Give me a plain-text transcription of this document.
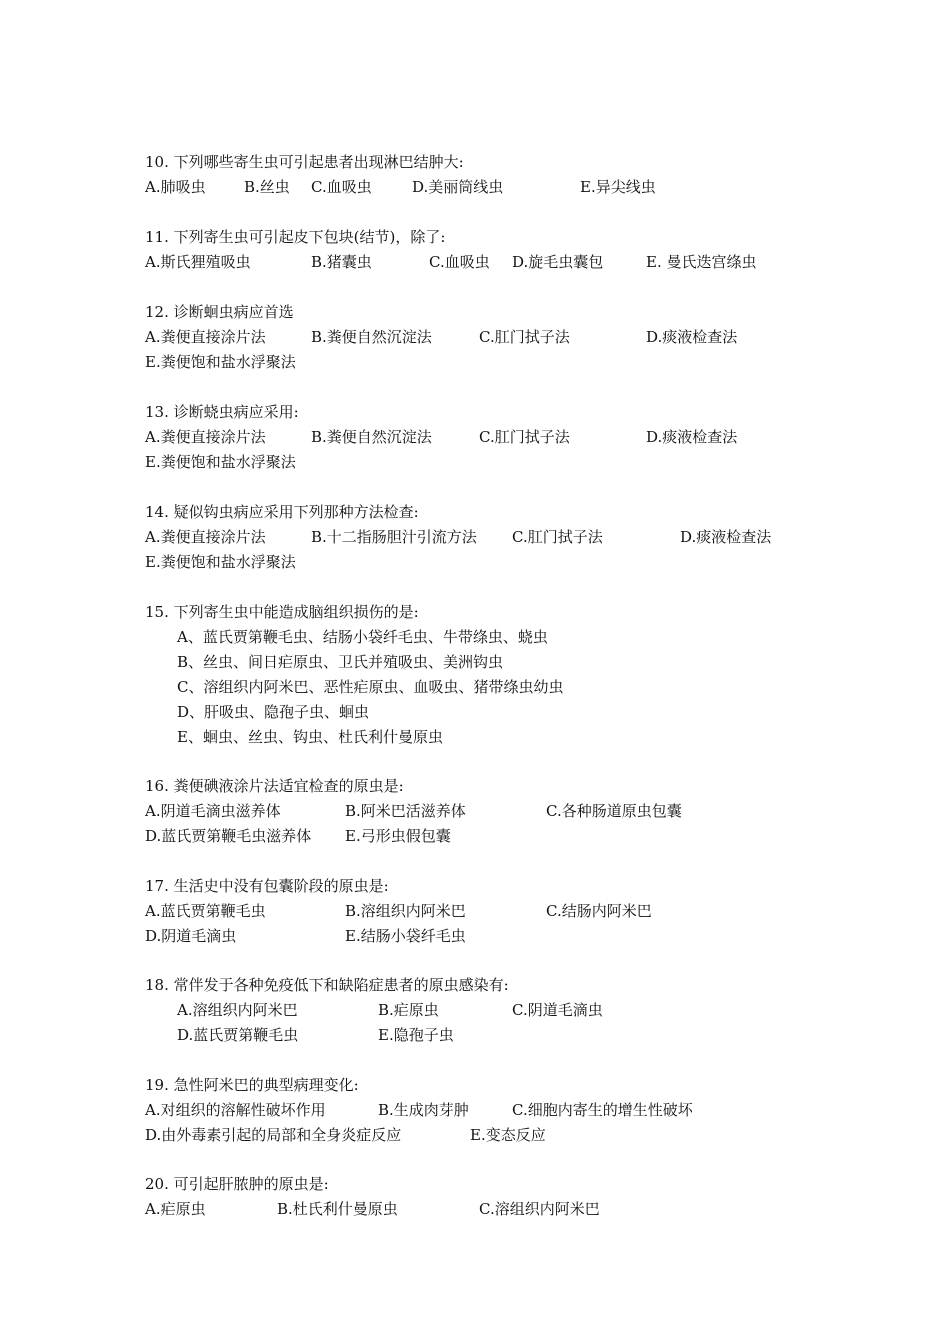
10. 下列哪些寄生虫可引起患者出现淋巴结肿大:
A.肺吸虫	B.丝虫 C.血吸虫	D.美丽筒线虫	E.异尖线虫
11. 下列寄生虫可引起皮下包块(结节)，除了:
A.斯氏狸殖吸虫	B.猪囊虫	C.血吸虫 D.旋毛虫囊包	E. 曼氏迭宫绦虫
12. 诊断蛔虫病应首选
A.粪便直接涂片法	B.粪便自然沉淀法	C.肛门拭子法	D.痰液检查法
E.粪便饱和盐水浮聚法
13. 诊断蛲虫病应采用:
A.粪便直接涂片法	B.粪便自然沉淀法	C.肛门拭子法	D.痰液检查法
E.粪便饱和盐水浮聚法
14. 疑似钩虫病应采用下列那种方法检查:
A.粪便直接涂片法	B.十二指肠胆汁引流方法 C.肛门拭子法	D.痰液检查法
E.粪便饱和盐水浮聚法
15. 下列寄生虫中能造成脑组织损伤的是:
A、蓝氏贾第鞭毛虫、结肠小袋纤毛虫、牛带绦虫、蛲虫
B、丝虫、间日疟原虫、卫氏并殖吸虫、美洲钩虫
C、溶组织内阿米巴、恶性疟原虫、血吸虫、猪带绦虫幼虫
D、肝吸虫、隐孢子虫、蛔虫
E、蛔虫、丝虫、钩虫、杜氏利什曼原虫
16. 粪便碘液涂片法适宜检查的原虫是:
A.阴道毛滴虫滋养体	B.阿米巴活滋养体	C.各种肠道原虫包囊
D.蓝氏贾第鞭毛虫滋养体 E.弓形虫假包囊
17. 生活史中没有包囊阶段的原虫是:
A.蓝氏贾第鞭毛虫	B.溶组织内阿米巴	C.结肠内阿米巴
D.阴道毛滴虫	E.结肠小袋纤毛虫
18. 常伴发于各种免疫低下和缺陷症患者的原虫感染有:
A.溶组织内阿米巴	B.疟原虫	C.阴道毛滴虫
D.蓝氏贾第鞭毛虫	E.隐孢子虫
19. 急性阿米巴的典型病理变化:
A.对组织的溶解性破坏作用	B.生成肉芽肿	C.细胞内寄生的增生性破坏
D.由外毒素引起的局部和全身炎症反应	E.变态反应
20. 可引起肝脓肿的原虫是:
A.疟原虫	B.杜氏利什曼原虫	C.溶组织内阿米巴
